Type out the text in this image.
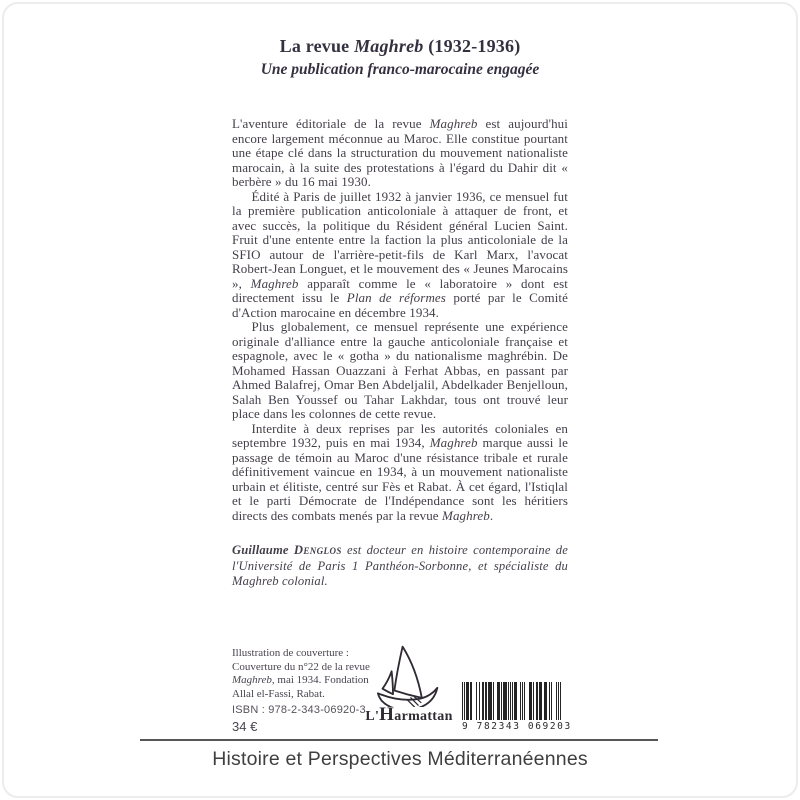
La revue Maghreb (1932-1936)
Une publication franco-marocaine engagée

L'aventure éditoriale de la revue Maghreb est aujourd'hui encore largement méconnue au Maroc. Elle constitue pourtant une étape clé dans la structuration du mouvement nationaliste marocain, à la suite des protestations à l'égard du Dahir dit « berbère » du 16 mai 1930.

Édité à Paris de juillet 1932 à janvier 1936, ce mensuel fut la première publication anticoloniale à attaquer de front, et avec succès, la politique du Résident général Lucien Saint. Fruit d'une entente entre la faction la plus anticoloniale de la SFIO autour de l'arrière-petit-fils de Karl Marx, l'avocat Robert-Jean Longuet, et le mouvement des « Jeunes Marocains », Maghreb apparaît comme le « laboratoire » dont est directement issu le Plan de réformes porté par le Comité d'Action marocaine en décembre 1934.

Plus globalement, ce mensuel représente une expérience originale d'alliance entre la gauche anticoloniale française et espagnole, avec le « gotha » du nationalisme maghrébin. De Mohamed Hassan Ouazzani à Ferhat Abbas, en passant par Ahmed Balafrej, Omar Ben Abdeljalil, Abdelkader Benjelloun, Salah Ben Youssef ou Tahar Lakhdar, tous ont trouvé leur place dans les colonnes de cette revue.

Interdite à deux reprises par les autorités coloniales en septembre 1932, puis en mai 1934, Maghreb marque aussi le passage de témoin au Maroc d'une résistance tribale et rurale définitivement vaincue en 1934, à un mouvement nationaliste urbain et élitiste, centré sur Fès et Rabat. À cet égard, l'Istiqlal et le parti Démocrate de l'Indépendance sont les héritiers directs des combats menés par la revue Maghreb.

Guillaume Denglos est docteur en histoire contemporaine de l'Université de Paris 1 Panthéon-Sorbonne, et spécialiste du Maghreb colonial.
Illustration de couverture :
Couverture du n°22 de la revue
Maghreb, mai 1934. Fondation
Allal el-Fassi, Rabat.
ISBN : 978-2-343-06920-3
34 €
L'Harmattan
9 782343 069203
Histoire et Perspectives Méditerranéennes
